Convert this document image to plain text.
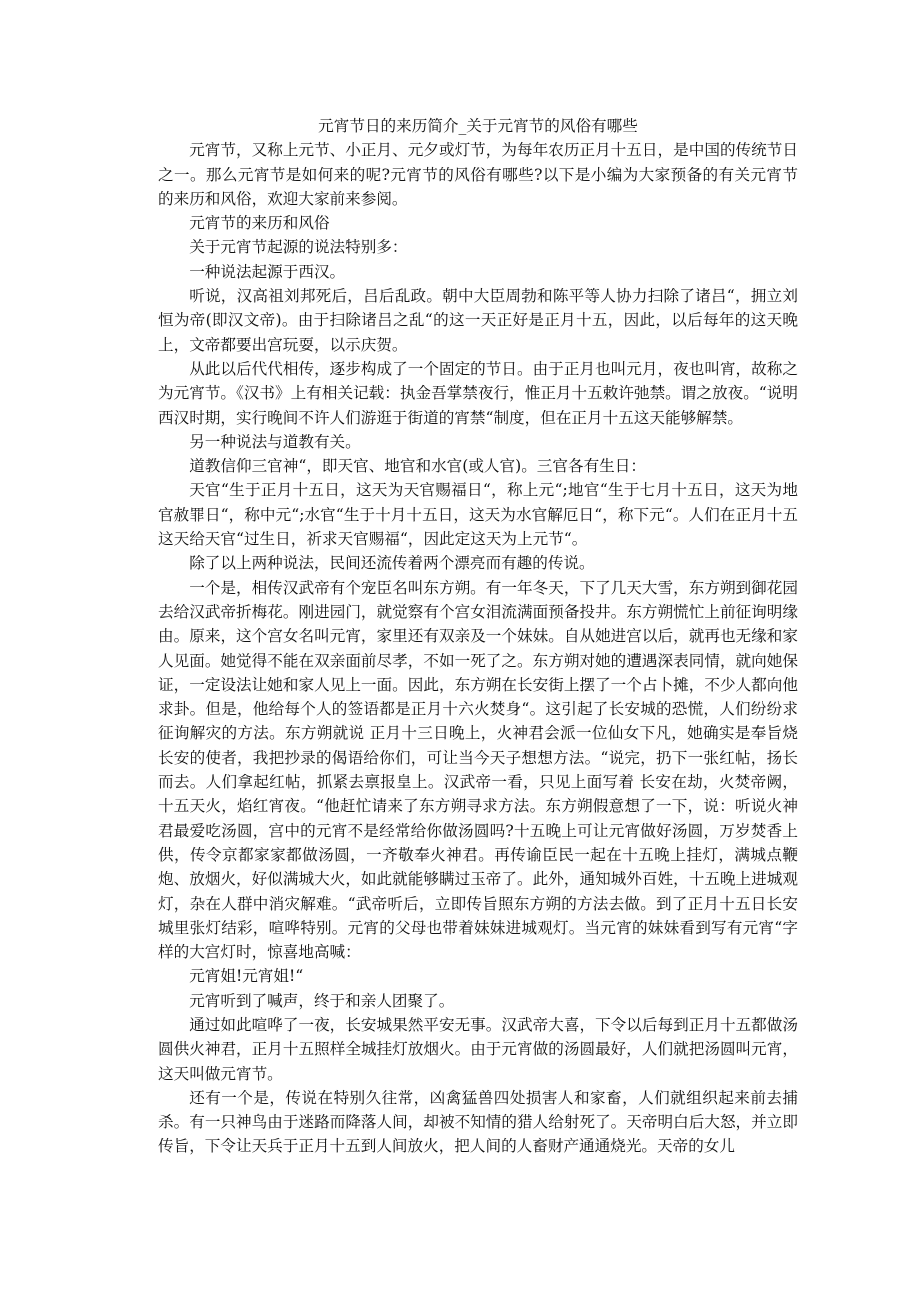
元宵节日的来历简介_关于元宵节的风俗有哪些

元宵节，又称上元节、小正月、元夕或灯节，为每年农历正月十五日，是中国的传统节日之一。那么元宵节是如何来的呢?元宵节的风俗有哪些?以下是小编为大家预备的有关元宵节的来历和风俗，欢迎大家前来参阅。

元宵节的来历和风俗

关于元宵节起源的说法特别多：

一种说法起源于西汉。

听说，汉高祖刘邦死后，吕后乱政。朝中大臣周勃和陈平等人协力扫除了诸吕“，拥立刘恒为帝(即汉文帝)。由于扫除诸吕之乱“的这一天正好是正月十五，因此，以后每年的这天晚上，文帝都要出宫玩耍，以示庆贺。

从此以后代代相传，逐步构成了一个固定的节日。由于正月也叫元月，夜也叫宵，故称之为元宵节。《汉书》上有相关记载：执金吾掌禁夜行，惟正月十五敕许弛禁。谓之放夜。“说明西汉时期，实行晚间不许人们游逛于街道的宵禁“制度，但在正月十五这天能够解禁。

另一种说法与道教有关。

道教信仰三官神“，即天官、地官和水官(或人官)。三官各有生日：

天官“生于正月十五日，这天为天官赐福日“，称上元“;地官“生于七月十五日，这天为地官赦罪日“，称中元“;水官“生于十月十五日，这天为水官解厄日“，称下元“。人们在正月十五这天给天官“过生日，祈求天官赐福“，因此定这天为上元节“。

除了以上两种说法，民间还流传着两个漂亮而有趣的传说。

一个是，相传汉武帝有个宠臣名叫东方朔。有一年冬天，下了几天大雪，东方朔到御花园去给汉武帝折梅花。刚进园门，就觉察有个宫女泪流满面预备投井。东方朔慌忙上前征询明缘由。原来，这个宫女名叫元宵，家里还有双亲及一个妹妹。自从她进宫以后，就再也无缘和家人见面。她觉得不能在双亲面前尽孝，不如一死了之。东方朔对她的遭遇深表同情，就向她保证，一定设法让她和家人见上一面。因此，东方朔在长安街上摆了一个占卜摊，不少人都向他求卦。但是，他给每个人的签语都是正月十六火焚身“。这引起了长安城的恐慌，人们纷纷求征询解灾的方法。东方朔就说 正月十三日晚上，火神君会派一位仙女下凡，她确实是奉旨烧长安的使者，我把抄录的偈语给你们，可让当今天子想想方法。“说完，扔下一张红帖，扬长而去。人们拿起红帖，抓紧去禀报皇上。汉武帝一看，只见上面写着 长安在劫，火焚帝阙，十五天火，焰红宵夜。“他赶忙请来了东方朔寻求方法。东方朔假意想了一下，说：听说火神君最爱吃汤圆，宫中的元宵不是经常给你做汤圆吗?十五晚上可让元宵做好汤圆，万岁焚香上供，传令京都家家都做汤圆，一齐敬奉火神君。再传谕臣民一起在十五晚上挂灯，满城点鞭炮、放烟火，好似满城大火，如此就能够瞒过玉帝了。此外，通知城外百姓，十五晚上进城观灯，杂在人群中消灾解难。“武帝听后，立即传旨照东方朔的方法去做。到了正月十五日长安城里张灯结彩，喧哗特别。元宵的父母也带着妹妹进城观灯。当元宵的妹妹看到写有元宵“字样的大宫灯时，惊喜地高喊：

元宵姐!元宵姐!“

元宵听到了喊声，终于和亲人团聚了。

通过如此喧哗了一夜，长安城果然平安无事。汉武帝大喜，下令以后每到正月十五都做汤圆供火神君，正月十五照样全城挂灯放烟火。由于元宵做的汤圆最好，人们就把汤圆叫元宵，这天叫做元宵节。

还有一个是，传说在特别久往常，凶禽猛兽四处损害人和家畜，人们就组织起来前去捕杀。有一只神鸟由于迷路而降落人间，却被不知情的猎人给射死了。天帝明白后大怒，并立即传旨，下令让天兵于正月十五到人间放火，把人间的人畜财产通通烧光。天帝的女儿
